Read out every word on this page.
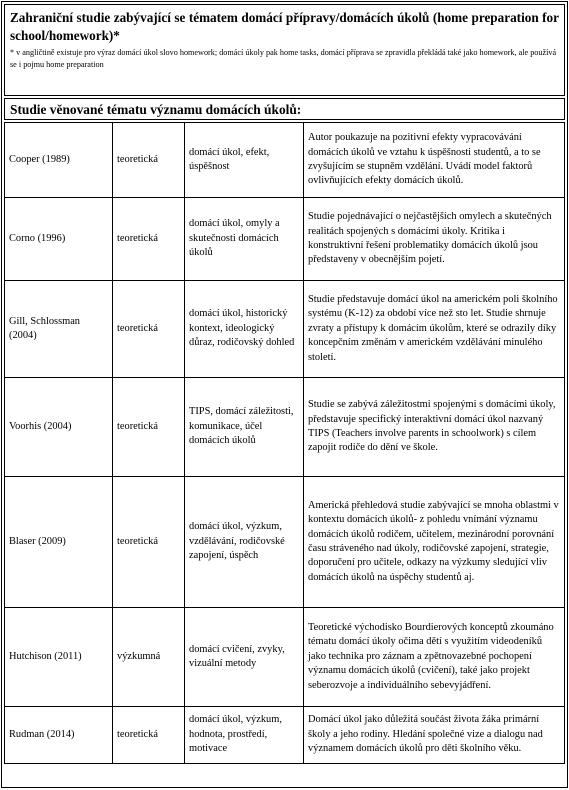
Zahraniční studie zabývající se tématem domácí přípravy/domácích úkolů (home preparation for school/homework)*
* v angličtině existuje pro výraz domácí úkol slovo homework; domácí úkoly pak home tasks, domácí příprava se zpravidla překládá také jako homework, ale používá se i pojmu home preparation
Studie věnované tématu významu domácích úkolů:
Cooper (1989)	teoretická	domácí úkol, efekt, úspěšnost	Autor poukazuje na pozitivní efekty vypracovávání domácích úkolů ve vztahu k úspěšnosti studentů, a to se zvyšujícím se stupněm vzdělání. Uvádí model faktorů ovlivňujících efekty domácích úkolů.
Corno (1996)	teoretická	domácí úkol, omyly a skutečnosti domácích úkolů	Studie pojednávající o nejčastějších omylech a skutečných realitách spojených s domácími úkoly. Kritika i konstruktivní řešení problematiky domácích úkolů jsou představeny v obecnějším pojetí.
Gill, Schlossman (2004)	teoretická	domácí úkol, historický kontext, ideologický důraz, rodičovský dohled	Studie představuje domácí úkol na americkém poli školního systému (K-12) za období více než sto let. Studie shrnuje zvraty a přístupy k domácím úkolům, které se odrazily díky koncepčním změnám v americkém vzdělávání minulého století.
Voorhis (2004)	teoretická	TIPS, domácí záležitosti, komunikace, účel domácích úkolů	Studie se zabývá záležitostmi spojenými s domácími úkoly, představuje specifický interaktivní domácí úkol nazvaný TIPS (Teachers involve parents in schoolwork) s cílem zapojit rodiče do dění ve škole.
Blaser (2009)	teoretická	domácí úkol, výzkum, vzdělávání, rodičovské zapojení, úspěch	Americká přehledová studie zabývající se mnoha oblastmi v kontextu domácích úkolů- z pohledu vnímání významu domácích úkolů rodičem, učitelem, mezinárodní porovnání času stráveného nad úkoly, rodičovské zapojení, strategie, doporučení pro učitele, odkazy na výzkumy sledující vliv domácích úkolů na úspěchy studentů aj.
Hutchison (2011)	výzkumná	domácí cvičení, zvyky, vizuální metody	Teoretické východisko Bourdierových konceptů zkoumáno tématu domácí úkoly očima dětí s využitím videodeníků jako technika pro záznam a zpětnovazebné pochopení významu domácích úkolů (cvičení), také jako projekt seberozvoje a individuálního sebevyjádření.
Rudman (2014)	teoretická	domácí úkol, výzkum, hodnota, prostředí, motivace	Domácí úkol jako důležitá součást života žáka primární školy a jeho rodiny. Hledání společné vize a dialogu nad významem domácích úkolů pro děti školního věku.
